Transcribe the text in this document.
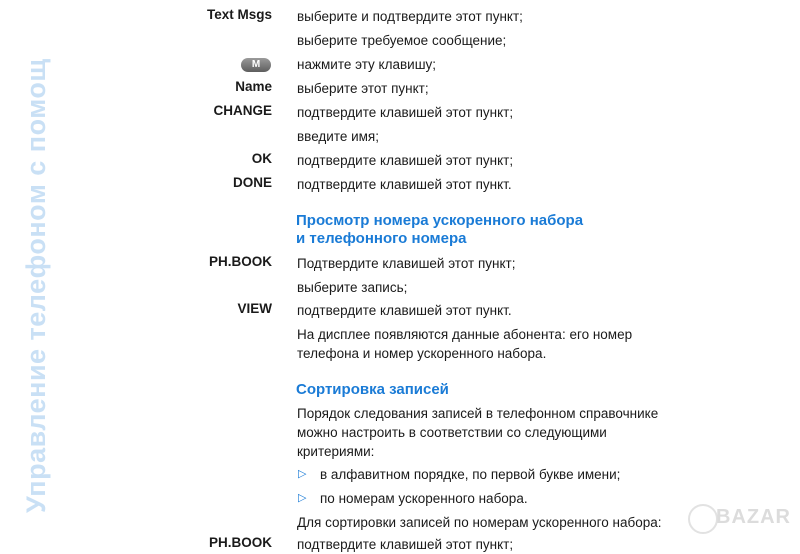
Управление телефоном с помощ
Text Msgs выберите и подтвердите этот пункт;
выберите требуемое сообщение;
M	нажмите эту клавишу;
Name выберите этот пункт;
CHANGE подтвердите клавишей этот пункт;
введите имя;
OK подтвердите клавишей этот пункт;
DONE подтвердите клавишей этот пункт.
Просмотр номера ускоренного набора
и телефонного номера
PH.BOOK Подтвердите клавишей этот пункт;
выберите запись;
VIEW подтвердите клавишей этот пункт.
На дисплее появляются данные абонента: его номер
телефона и номер ускоренного набора.
Сортировка записей
Порядок следования записей в телефонном справочнике
можно настроить в соответствии со следующими
критериями:
▷ в алфавитном порядке, по первой букве имени;
▷ по номерам ускоренного набора.
Для сортировки записей по номерам ускоренного набора:
PH.BOOK подтвердите клавишей этот пункт;
BAZAR
